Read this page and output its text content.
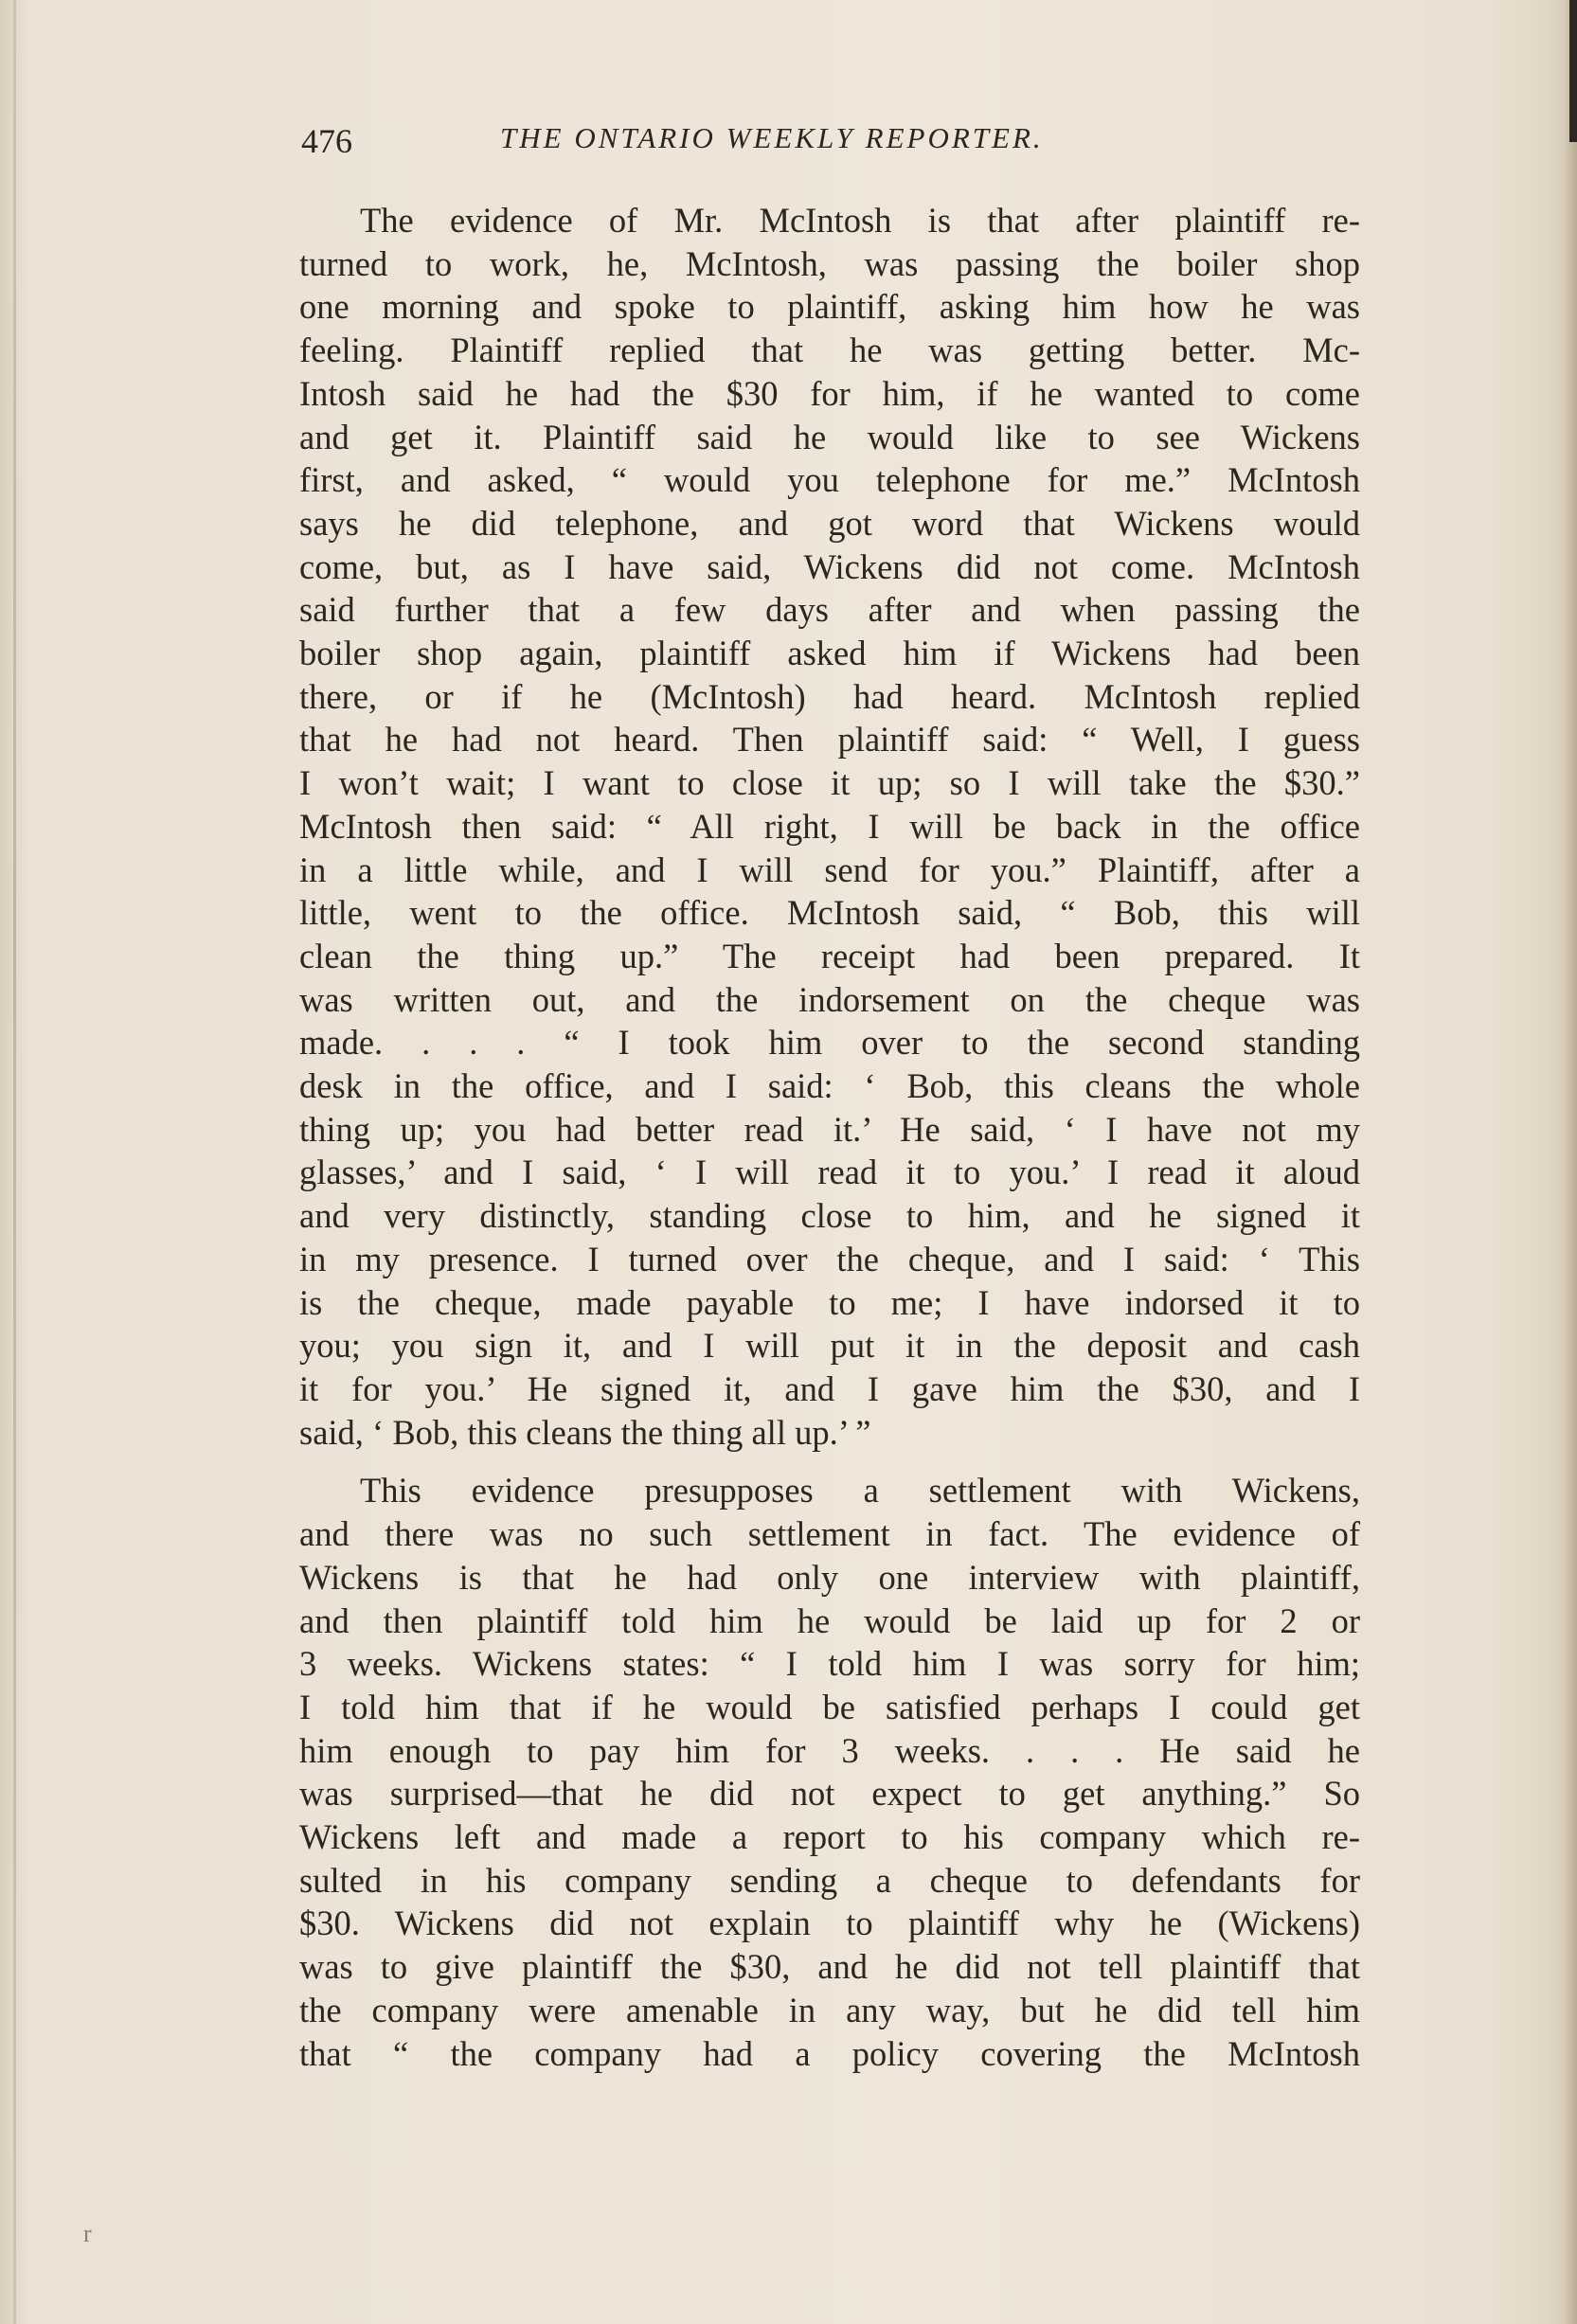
476	THE ONTARIO WEEKLY REPORTER.

The evidence of Mr. McIntosh is that after plaintiff re-
turned to work, he, McIntosh, was passing the boiler shop
one morning and spoke to plaintiff, asking him how he was
feeling. Plaintiff replied that he was getting better. Mc-
Intosh said he had the $30 for him, if he wanted to come
and get it. Plaintiff said he would like to see Wickens
first, and asked, “ would you telephone for me.” McIntosh
says he did telephone, and got word that Wickens would
come, but, as I have said, Wickens did not come. McIntosh
said further that a few days after and when passing the
boiler shop again, plaintiff asked him if Wickens had been
there, or if he (McIntosh) had heard. McIntosh replied
that he had not heard. Then plaintiff said: “ Well, I guess
I won’t wait; I want to close it up; so I will take the $30.”
McIntosh then said: “ All right, I will be back in the office
in a little while, and I will send for you.” Plaintiff, after a
little, went to the office. McIntosh said, “ Bob, this will
clean the thing up.” The receipt had been prepared. It
was written out, and the indorsement on the cheque was
made. . . . “ I took him over to the second standing
desk in the office, and I said: ‘ Bob, this cleans the whole
thing up; you had better read it.’ He said, ‘ I have not my
glasses,’ and I said, ‘ I will read it to you.’ I read it aloud
and very distinctly, standing close to him, and he signed it
in my presence. I turned over the cheque, and I said: ‘ This
is the cheque, made payable to me; I have indorsed it to
you; you sign it, and I will put it in the deposit and cash
it for you.’ He signed it, and I gave him the $30, and I
said, ‘ Bob, this cleans the thing all up.’ ”

This evidence presupposes a settlement with Wickens,
and there was no such settlement in fact. The evidence of
Wickens is that he had only one interview with plaintiff,
and then plaintiff told him he would be laid up for 2 or
3 weeks. Wickens states: “ I told him I was sorry for him;
I told him that if he would be satisfied perhaps I could get
him enough to pay him for 3 weeks. . . . He said he
was surprised—that he did not expect to get anything.” So
Wickens left and made a report to his company which re-
sulted in his company sending a cheque to defendants for
$30. Wickens did not explain to plaintiff why he (Wickens)
was to give plaintiff the $30, and he did not tell plaintiff that
the company were amenable in any way, but he did tell him
that “ the company had a policy covering the McIntosh

r
